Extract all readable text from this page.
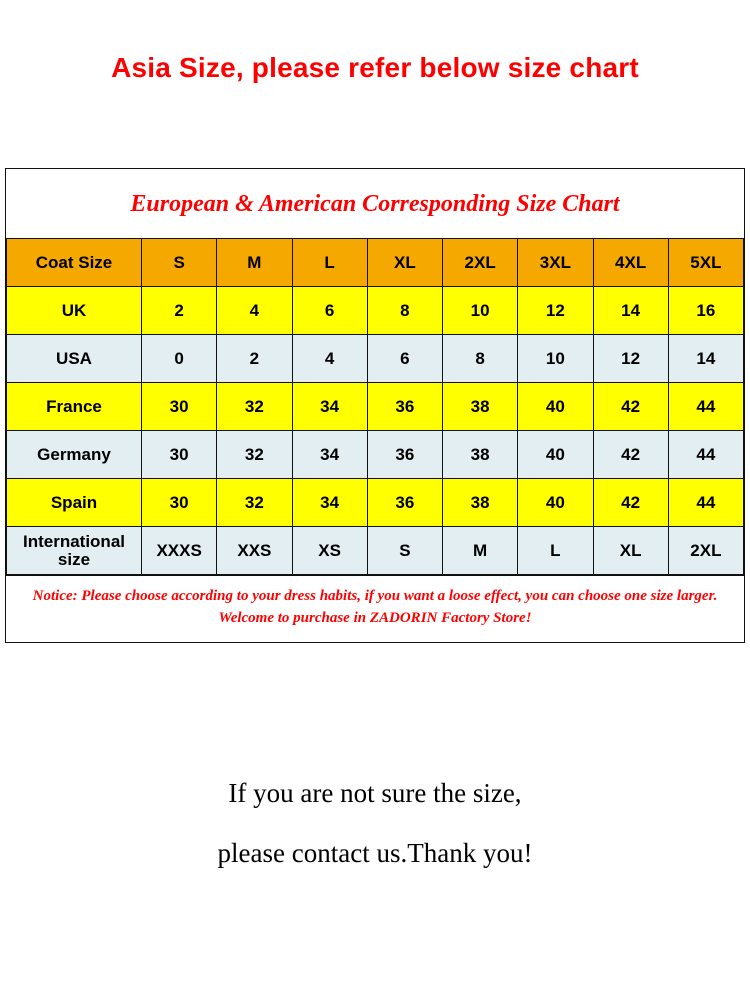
Asia Size, please refer below size chart
European & American Corresponding Size Chart
Coat Size	S	M	L	XL	2XL	3XL	4XL	5XL
UK	2	4	6	8	10	12	14	16
USA	0	2	4	6	8	10	12	14
France	30	32	34	36	38	40	42	44
Germany	30	32	34	36	38	40	42	44
Spain	30	32	34	36	38	40	42	44
International size	XXXS	XXS	XS	S	M	L	XL	2XL
Notice: Please choose according to your dress habits, if you want a loose effect, you can choose one size larger. Welcome to purchase in ZADORIN Factory Store!
If you are not sure the size,
please contact us.Thank you!
